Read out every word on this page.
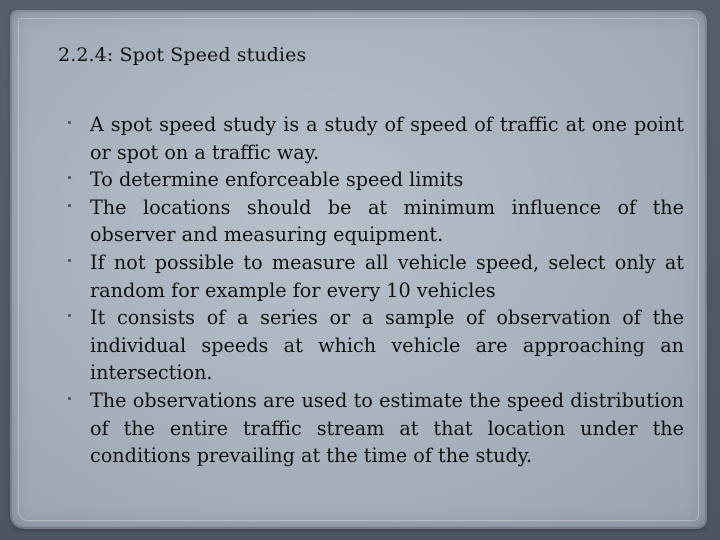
2.2.4: Spot Speed studies
A spot speed study is a study of speed of traffic at one point or spot on a traffic way.
To determine enforceable speed limits
The locations should be at minimum influence of the observer and measuring equipment.
If not possible to measure all vehicle speed, select only at random for example for every 10 vehicles
It consists of a series or a sample of observation of the individual speeds at which vehicle are approaching an intersection.
The observations are used to estimate the speed distribution of the entire traffic stream at that location under the conditions prevailing at the time of the study.
